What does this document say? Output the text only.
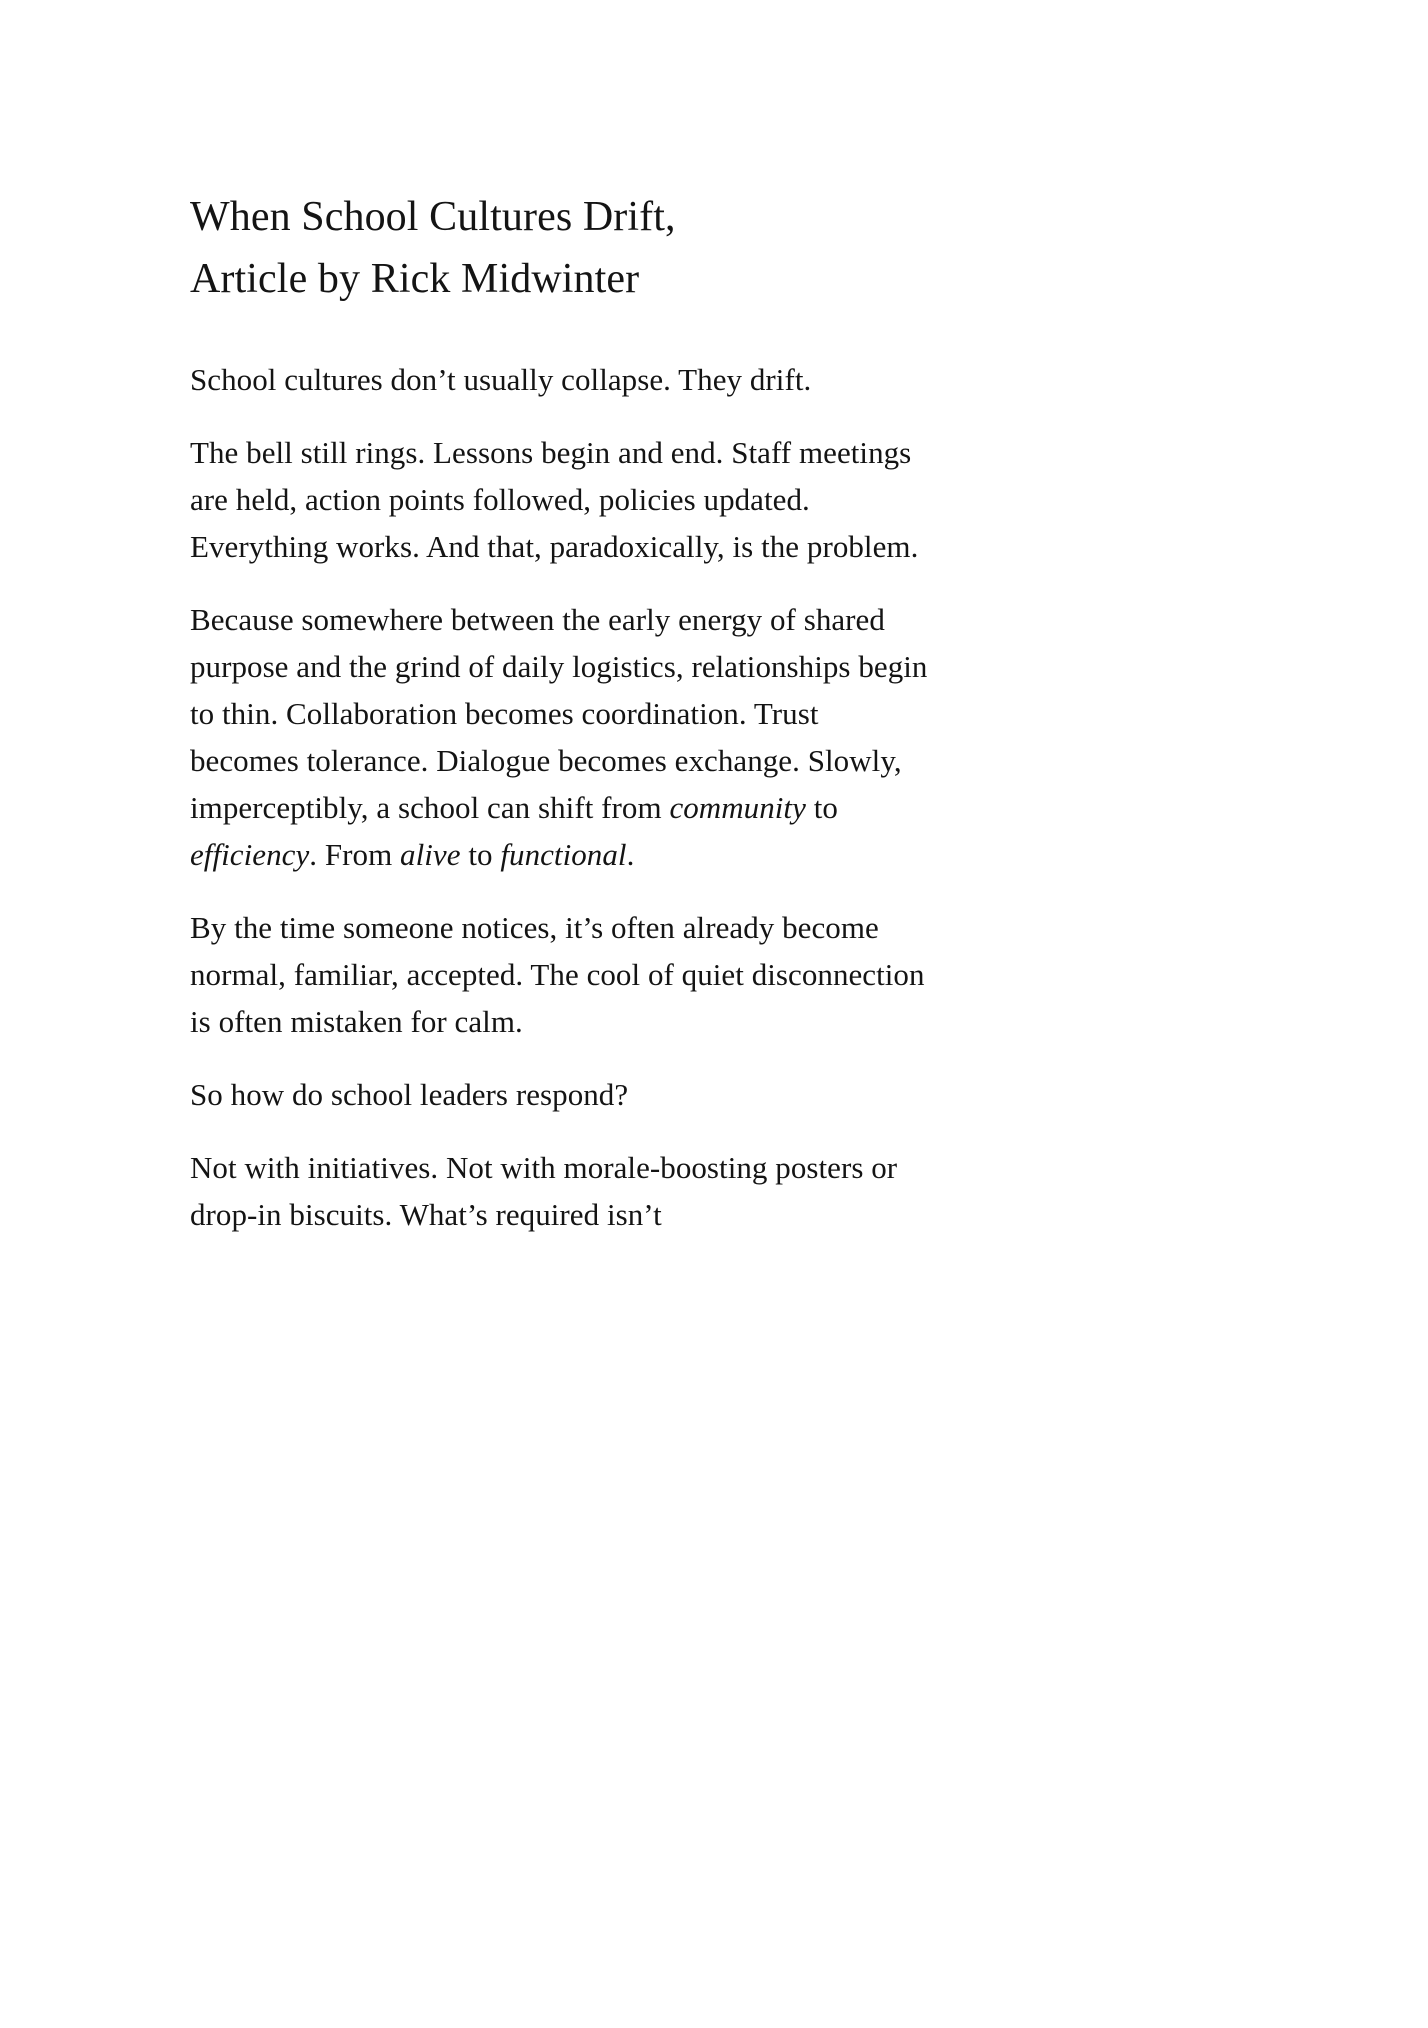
When School Cultures Drift,
Article by Rick Midwinter

School cultures don’t usually collapse. They drift.

The bell still rings. Lessons begin and end. Staff meetings are held, action points followed, policies updated. Everything works. And that, paradoxically, is the problem.

Because somewhere between the early energy of shared purpose and the grind of daily logistics, relationships begin to thin. Collaboration becomes coordination. Trust becomes tolerance. Dialogue becomes exchange. Slowly, imperceptibly, a school can shift from community to efficiency. From alive to functional.

By the time someone notices, it’s often already become normal, familiar, accepted. The cool of quiet disconnection is often mistaken for calm.

So how do school leaders respond?

Not with initiatives. Not with morale-boosting posters or drop-in biscuits. What’s required isn’t
